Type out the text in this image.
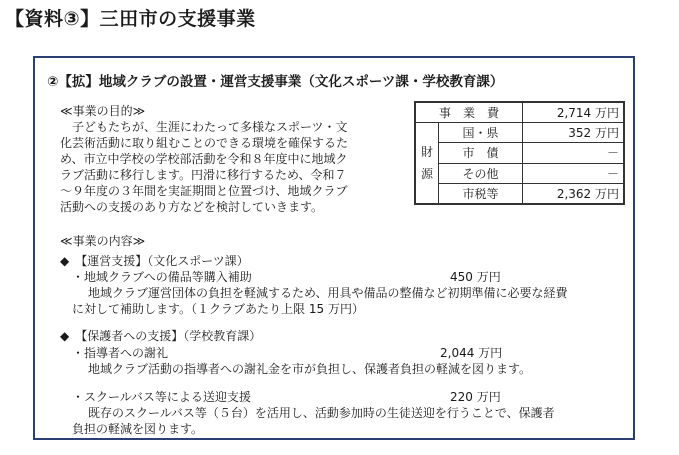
【資料③】三田市の支援事業
②【拡】地域クラブの設置・運営支援事業（文化スポーツ課・学校教育課）
≪事業の目的≫
　子どもたちが、生涯にわたって多様なスポーツ・文
化芸術活動に取り組むことのできる環境を確保するた
め、市立中学校の学校部活動を令和８年度中に地域ク
ラブ活動に移行します。円滑に移行するため、令和７
～９年度の３年間を実証期間と位置づけ、地域クラブ
活動への支援のあり方などを検討していきます。
事　業　費		2,714 万円
財源	国・県	352 万円
	市　債	－
	その他	－
	市税等	2,362 万円
≪事業の内容≫
◆　【運営支援】（文化スポーツ課）
・地域クラブへの備品等購入補助	450 万円
地域クラブ運営団体の負担を軽減するため、用具や備品の整備など初期準備に必要な経費
に対して補助します。（１クラブあたり上限 15 万円）
◆　【保護者への支援】（学校教育課）
・指導者への謝礼	2,044 万円
地域クラブ活動の指導者への謝礼金を市が負担し、保護者負担の軽減を図ります。
・スクールバス等による送迎支援	220 万円
既存のスクールバス等（５台）を活用し、活動参加時の生徒送迎を行うことで、保護者
負担の軽減を図ります。
